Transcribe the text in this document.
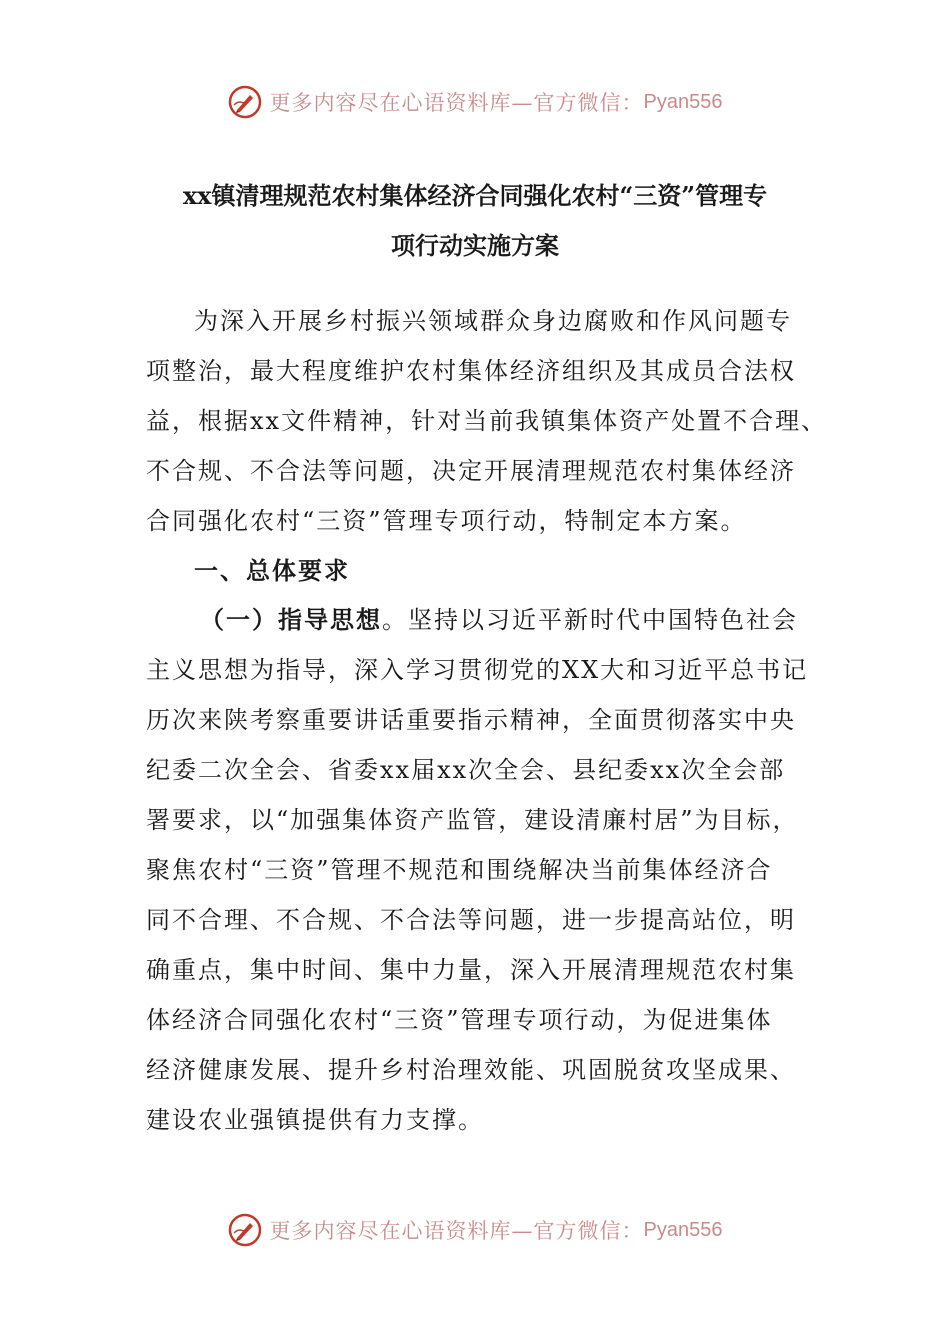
更多内容尽在心语资料库—官方微信： Pyan556
xx镇清理规范农村集体经济合同强化农村“三资”管理专
项行动实施方案
为深入开展乡村振兴领域群众身边腐败和作风问题专
项整治，最大程度维护农村集体经济组织及其成员合法权
益，根据xx文件精神，针对当前我镇集体资产处置不合理、
不合规、不合法等问题，决定开展清理规范农村集体经济
合同强化农村“三资”管理专项行动，特制定本方案。
一、总体要求
（一）指导思想。坚持以习近平新时代中国特色社会
主义思想为指导，深入学习贯彻党的XX大和习近平总书记
历次来陕考察重要讲话重要指示精神，全面贯彻落实中央
纪委二次全会、省委xx届xx次全会、县纪委xx次全会部
署要求，以“加强集体资产监管，建设清廉村居”为目标，
聚焦农村“三资”管理不规范和围绕解决当前集体经济合
同不合理、不合规、不合法等问题，进一步提高站位，明
确重点，集中时间、集中力量，深入开展清理规范农村集
体经济合同强化农村“三资”管理专项行动，为促进集体
经济健康发展、提升乡村治理效能、巩固脱贫攻坚成果、
建设农业强镇提供有力支撑。
更多内容尽在心语资料库—官方微信： Pyan556
